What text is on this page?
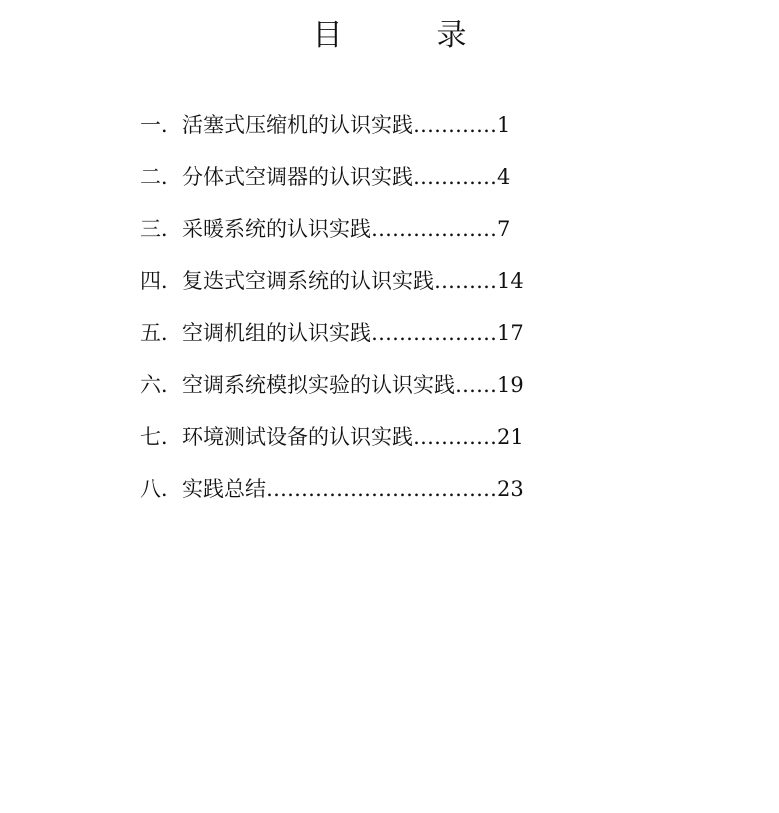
目　录
一．活塞式压缩机的认识实践…………1
二．分体式空调器的认识实践…………4
三．采暖系统的认识实践………………7
四．复迭式空调系统的认识实践………14
五．空调机组的认识实践………………17
六．空调系统模拟实验的认识实践……19
七．环境测试设备的认识实践…………21
八．实践总结……………………………23
